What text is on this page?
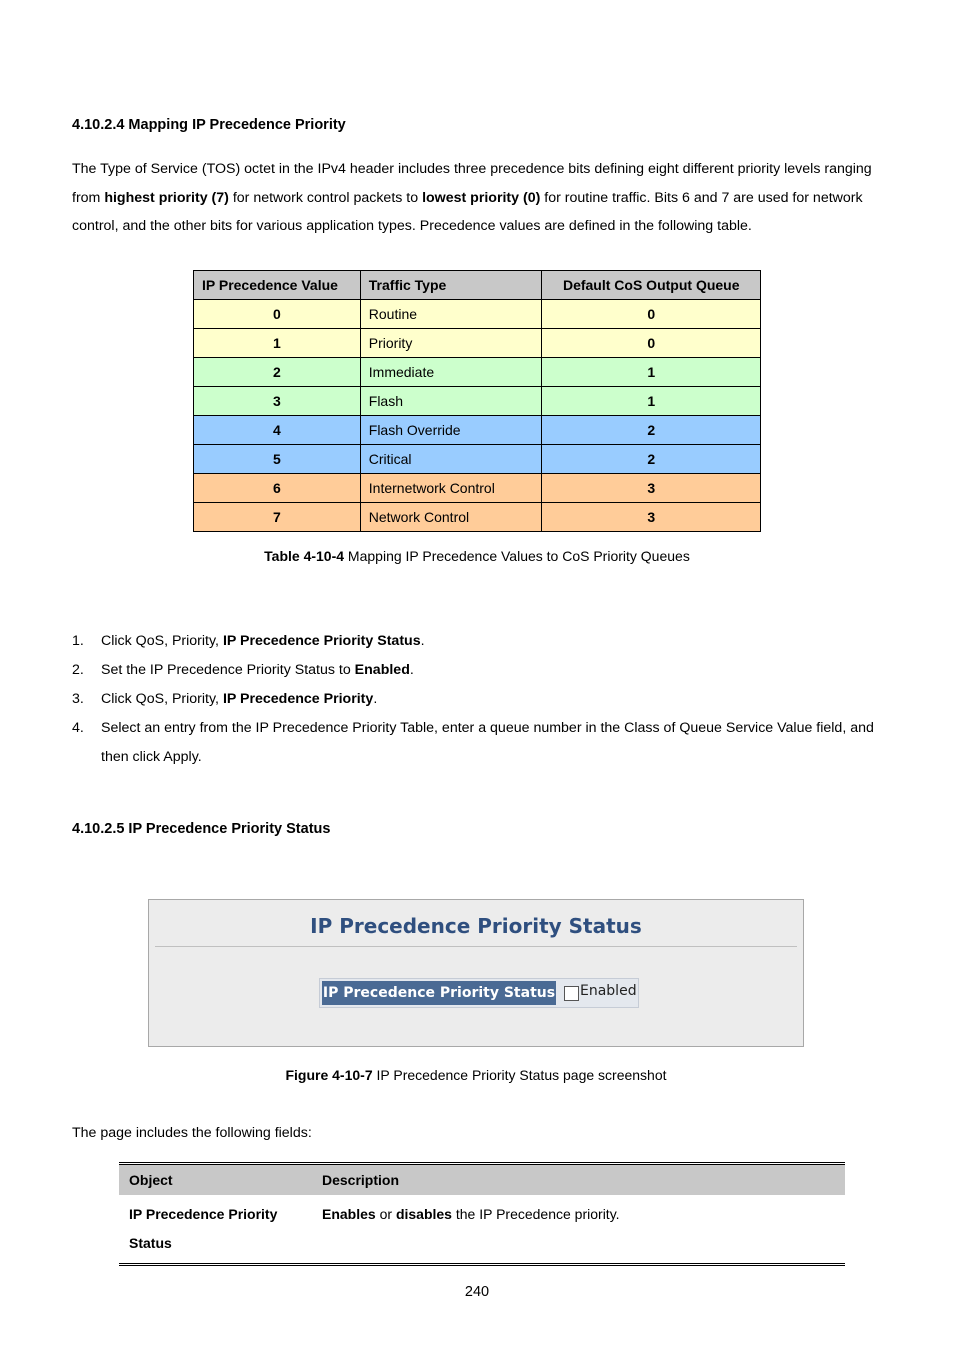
4.10.2.4 Mapping IP Precedence Priority
The Type of Service (TOS) octet in the IPv4 header includes three precedence bits defining eight different priority levels ranging from highest priority (7) for network control packets to lowest priority (0) for routine traffic. Bits 6 and 7 are used for network control, and the other bits for various application types. Precedence values are defined in the following table.
IP Precedence Value	Traffic Type	Default CoS Output Queue
0	Routine	0
1	Priority	0
2	Immediate	1
3	Flash	1
4	Flash Override	2
5	Critical	2
6	Internetwork Control	3
7	Network Control	3
Table 4-10-4 Mapping IP Precedence Values to CoS Priority Queues
1. Click QoS, Priority, IP Precedence Priority Status.
2. Set the IP Precedence Priority Status to Enabled.
3. Click QoS, Priority, IP Precedence Priority.
4. Select an entry from the IP Precedence Priority Table, enter a queue number in the Class of Queue Service Value field, and then click Apply.
4.10.2.5 IP Precedence Priority Status
IP Precedence Priority Status
IP Precedence Priority Status Enabled
Figure 4-10-7 IP Precedence Priority Status page screenshot
The page includes the following fields:
Object	Description
IP Precedence Priority
Status	Enables or disables the IP Precedence priority.
240
